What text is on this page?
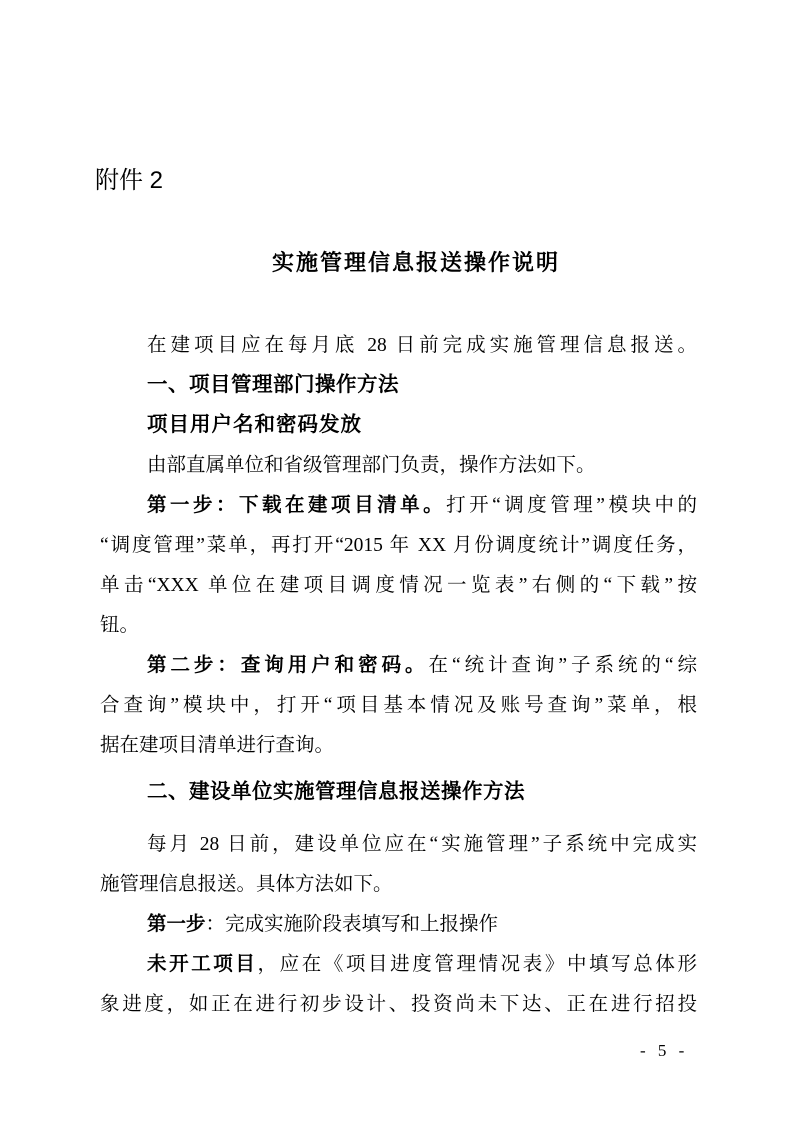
附件 2
实施管理信息报送操作说明
在建项目应在每月底 28 日前完成实施管理信息报送。
一、项目管理部门操作方法
项目用户名和密码发放
由部直属单位和省级管理部门负责，操作方法如下。
第一步：下载在建项目清单。打开“调度管理”模块中的
“调度管理”菜单，再打开“2015 年 XX 月份调度统计”调度任务，
单击“XXX 单位在建项目调度情况一览表”右侧的“下载”按
钮。
第二步：查询用户和密码。在“统计查询”子系统的“综
合查询”模块中，打开“项目基本情况及账号查询”菜单，根
据在建项目清单进行查询。
二、建设单位实施管理信息报送操作方法
每月 28 日前，建设单位应在“实施管理”子系统中完成实
施管理信息报送。具体方法如下。
第一步：完成实施阶段表填写和上报操作
未开工项目，应在《项目进度管理情况表》中填写总体形
象进度，如正在进行初步设计、投资尚未下达、正在进行招投
- 5 -
